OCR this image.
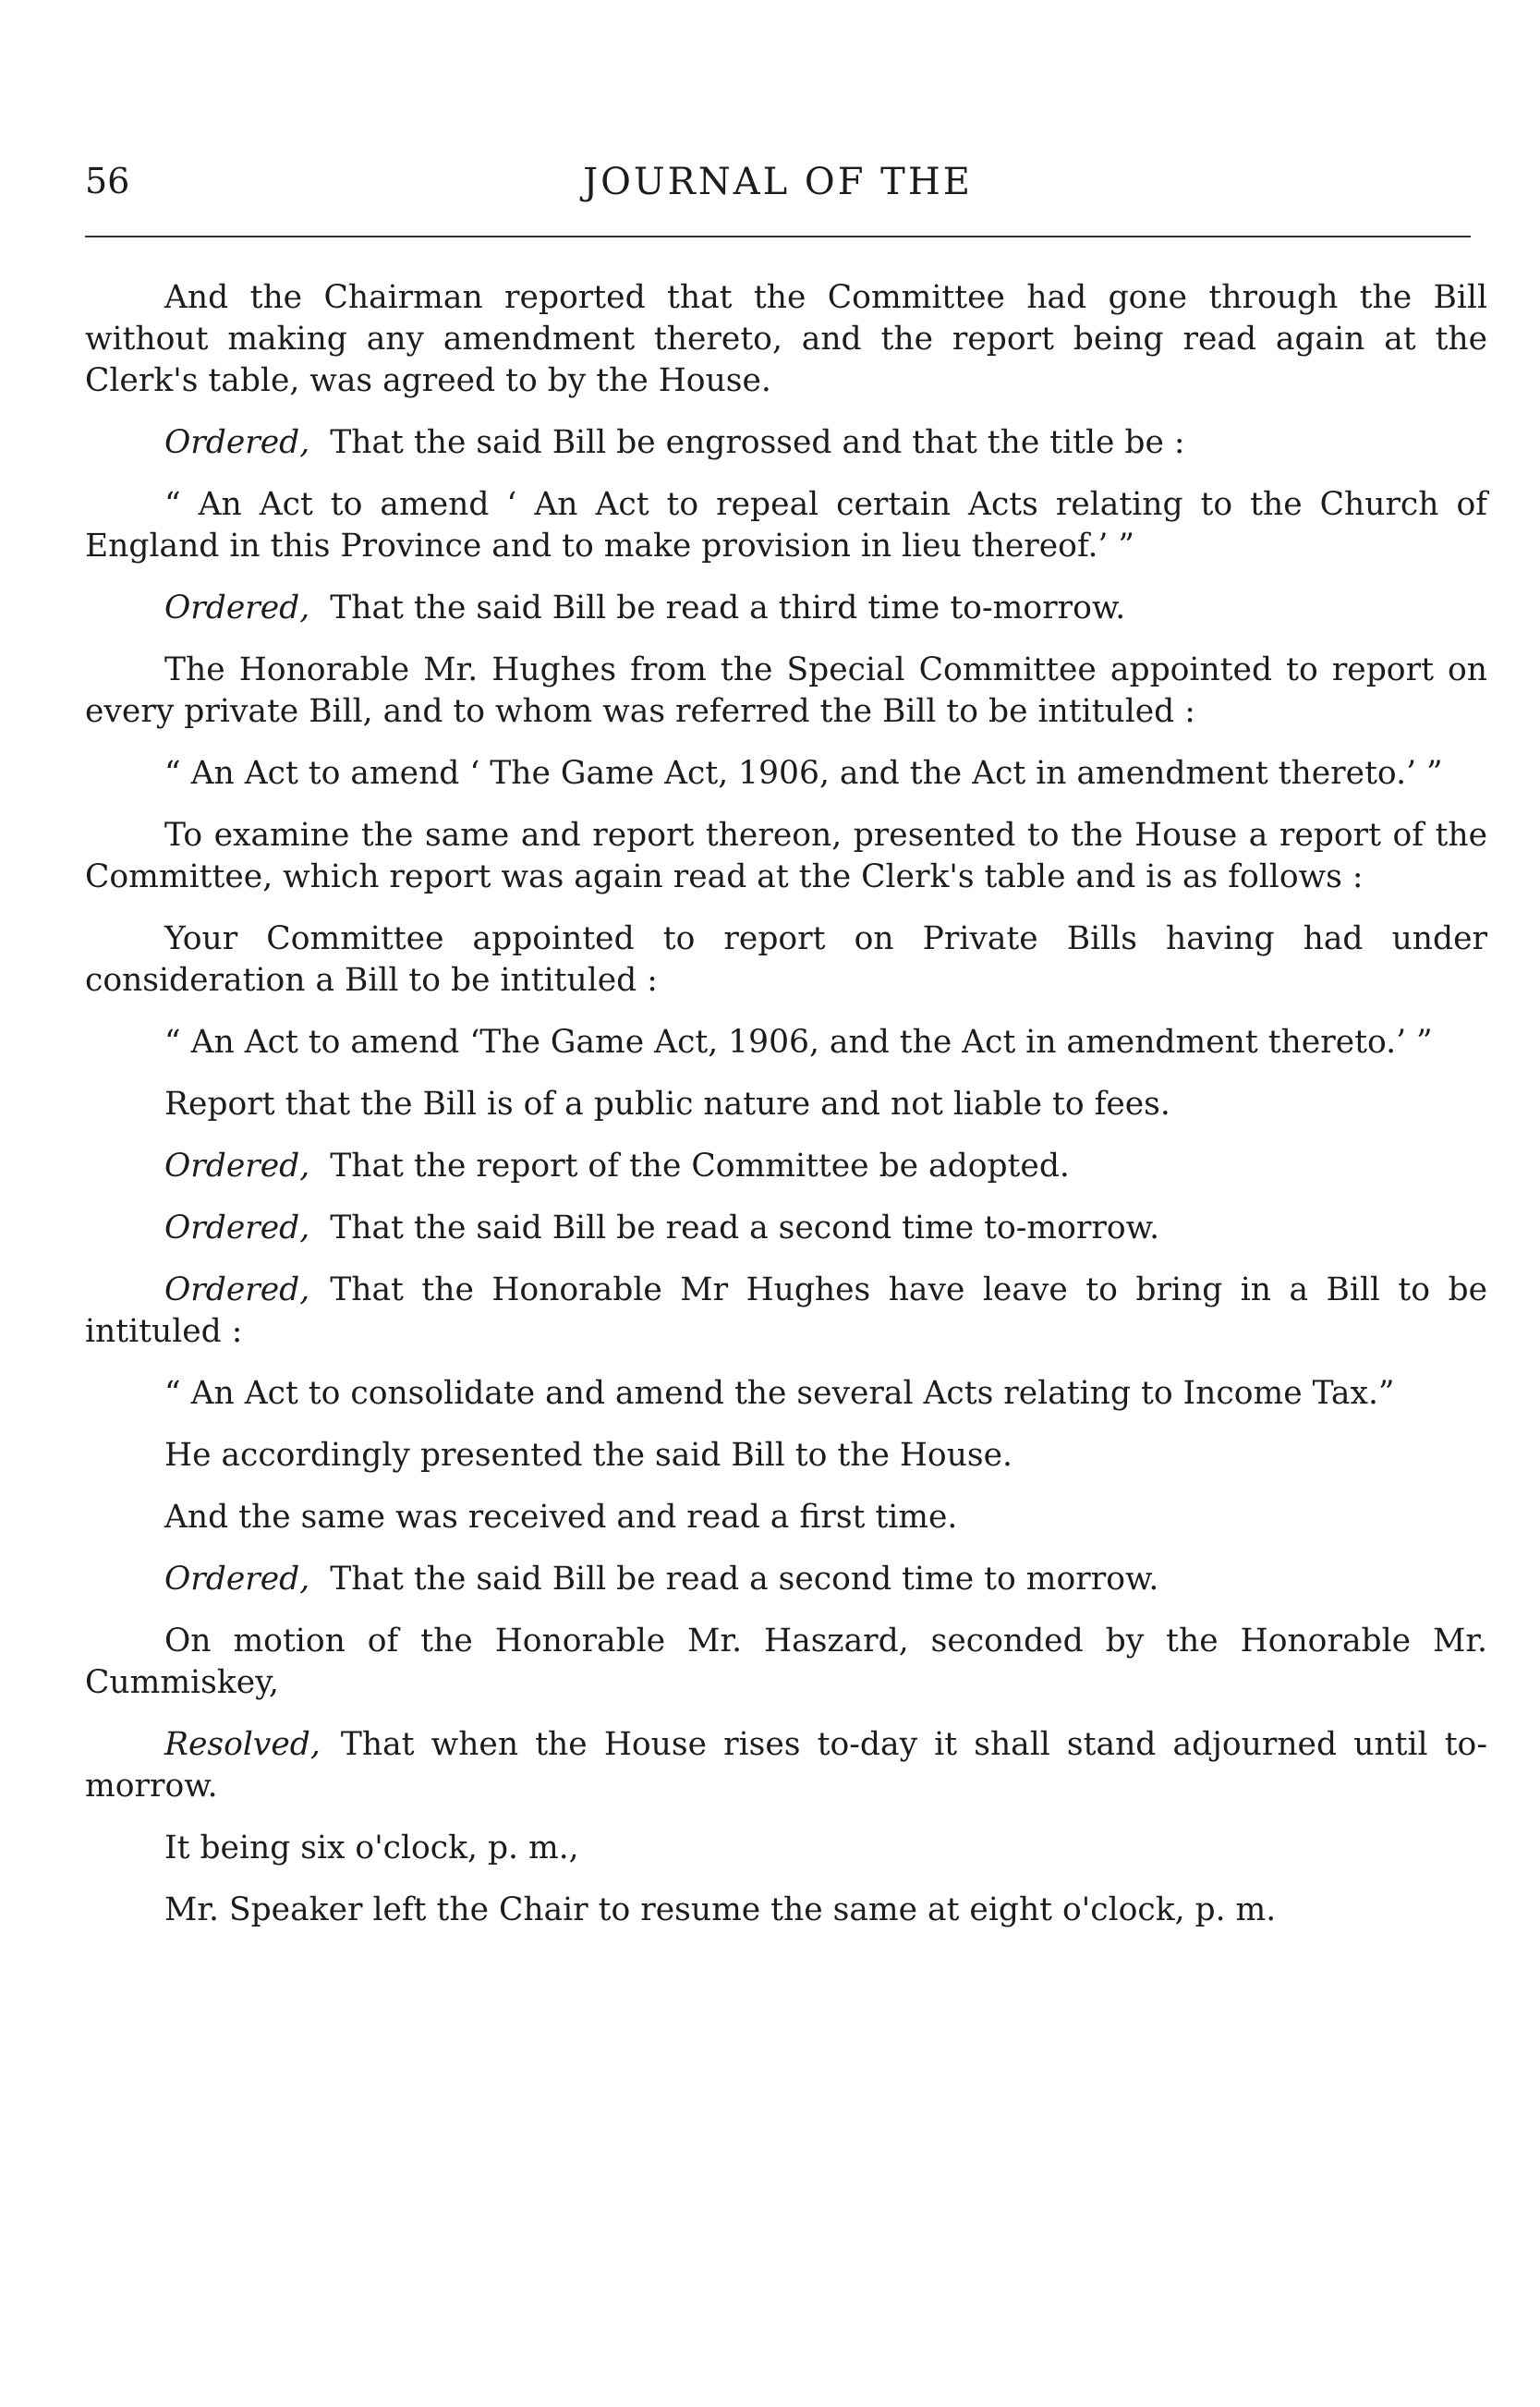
56	JOURNAL OF THE

And the Chairman reported that the Committee had gone through the Bill without making any amendment thereto, and the report being read again at the Clerk's table, was agreed to by the House.

Ordered, That the said Bill be engrossed and that the title be :

“ An Act to amend ‘ An Act to repeal certain Acts relating to the Church of England in this Province and to make provision in lieu thereof.’ ”

Ordered, That the said Bill be read a third time to-morrow.

The Honorable Mr. Hughes from the Special Committee appointed to report on every private Bill, and to whom was referred the Bill to be intituled :

“ An Act to amend ‘ The Game Act, 1906, and the Act in amendment thereto.’ ”

To examine the same and report thereon, presented to the House a report of the Committee, which report was again read at the Clerk's table and is as follows :

Your Committee appointed to report on Private Bills having had under consideration a Bill to be intituled :

“ An Act to amend ‘The Game Act, 1906, and the Act in amendment thereto.’ ”

Report that the Bill is of a public nature and not liable to fees.

Ordered, That the report of the Committee be adopted.

Ordered, That the said Bill be read a second time to-morrow.

Ordered, That the Honorable Mr Hughes have leave to bring in a Bill to be intituled :

“ An Act to consolidate and amend the several Acts relating to Income Tax.”

He accordingly presented the said Bill to the House.

And the same was received and read a first time.

Ordered, That the said Bill be read a second time to morrow.

On motion of the Honorable Mr. Haszard, seconded by the Honorable Mr. Cummiskey,

Resolved, That when the House rises to-day it shall stand adjourned until to-morrow.

It being six o'clock, p. m.,

Mr. Speaker left the Chair to resume the same at eight o'clock, p. m.
